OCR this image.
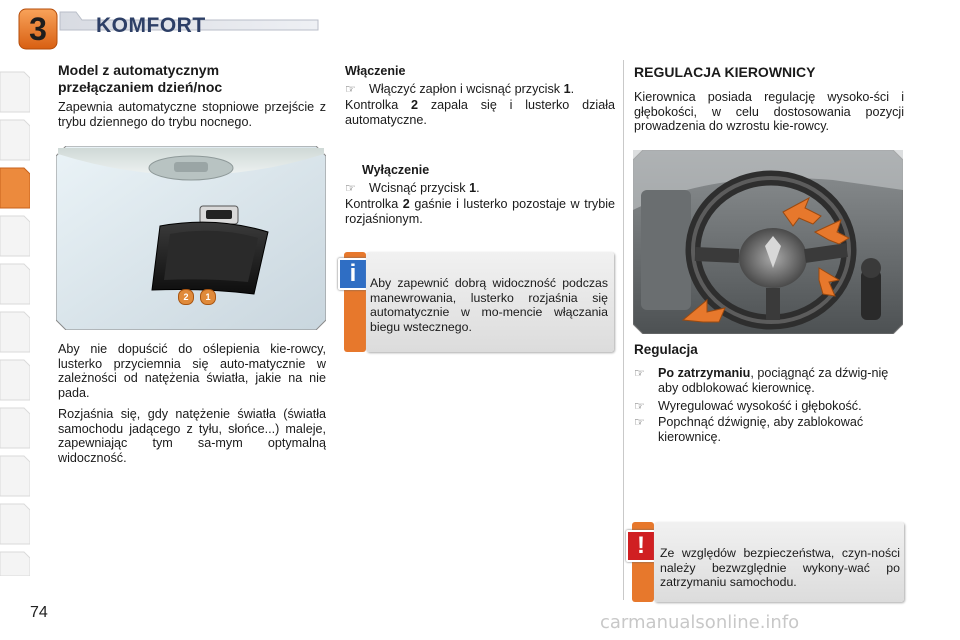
3	KOMFORT
Model z automatycznym przełączaniem dzień/noc
Zapewnia automatyczne stopniowe przejście z trybu dziennego do trybu nocnego.
2	1
Aby nie dopuścić do oślepienia kie-rowcy, lusterko przyciemnia się auto-matycznie w zależności od natężenia światła, jakie na nie pada.
Rozjaśnia się, gdy natężenie światła (światła samochodu jadącego z tyłu, słońce...) maleje, zapewniając tym sa-mym optymalną widoczność.
Włączenie
☞	Włączyć zapłon i wcisnąć przycisk 1.
Kontrolka 2 zapala się i lusterko działa automatyczne.
Wyłączenie
☞	Wcisnąć przycisk 1.
Kontrolka 2 gaśnie i lusterko pozostaje w trybie rozjaśnionym.
i	Aby zapewnić dobrą widoczność podczas manewrowania, lusterko rozjaśnia się automatycznie w mo-mencie włączania biegu wstecznego.
REGULACJA KIEROWNICY
Kierownica posiada regulację wysoko-ści i głębokości, w celu dostosowania pozycji prowadzenia do wzrostu kie-rowcy.
Regulacja
☞	Po zatrzymaniu, pociągnąć za dźwig-nię aby odblokować kierownicę.
☞	Wyregulować wysokość i głębokość.
☞	Popchnąć dźwignię, aby zablokować kierownicę.
!	Ze względów bezpieczeństwa, czyn-ności należy bezwzględnie wykony-wać po zatrzymaniu samochodu.
74	carmanualsonline.info
